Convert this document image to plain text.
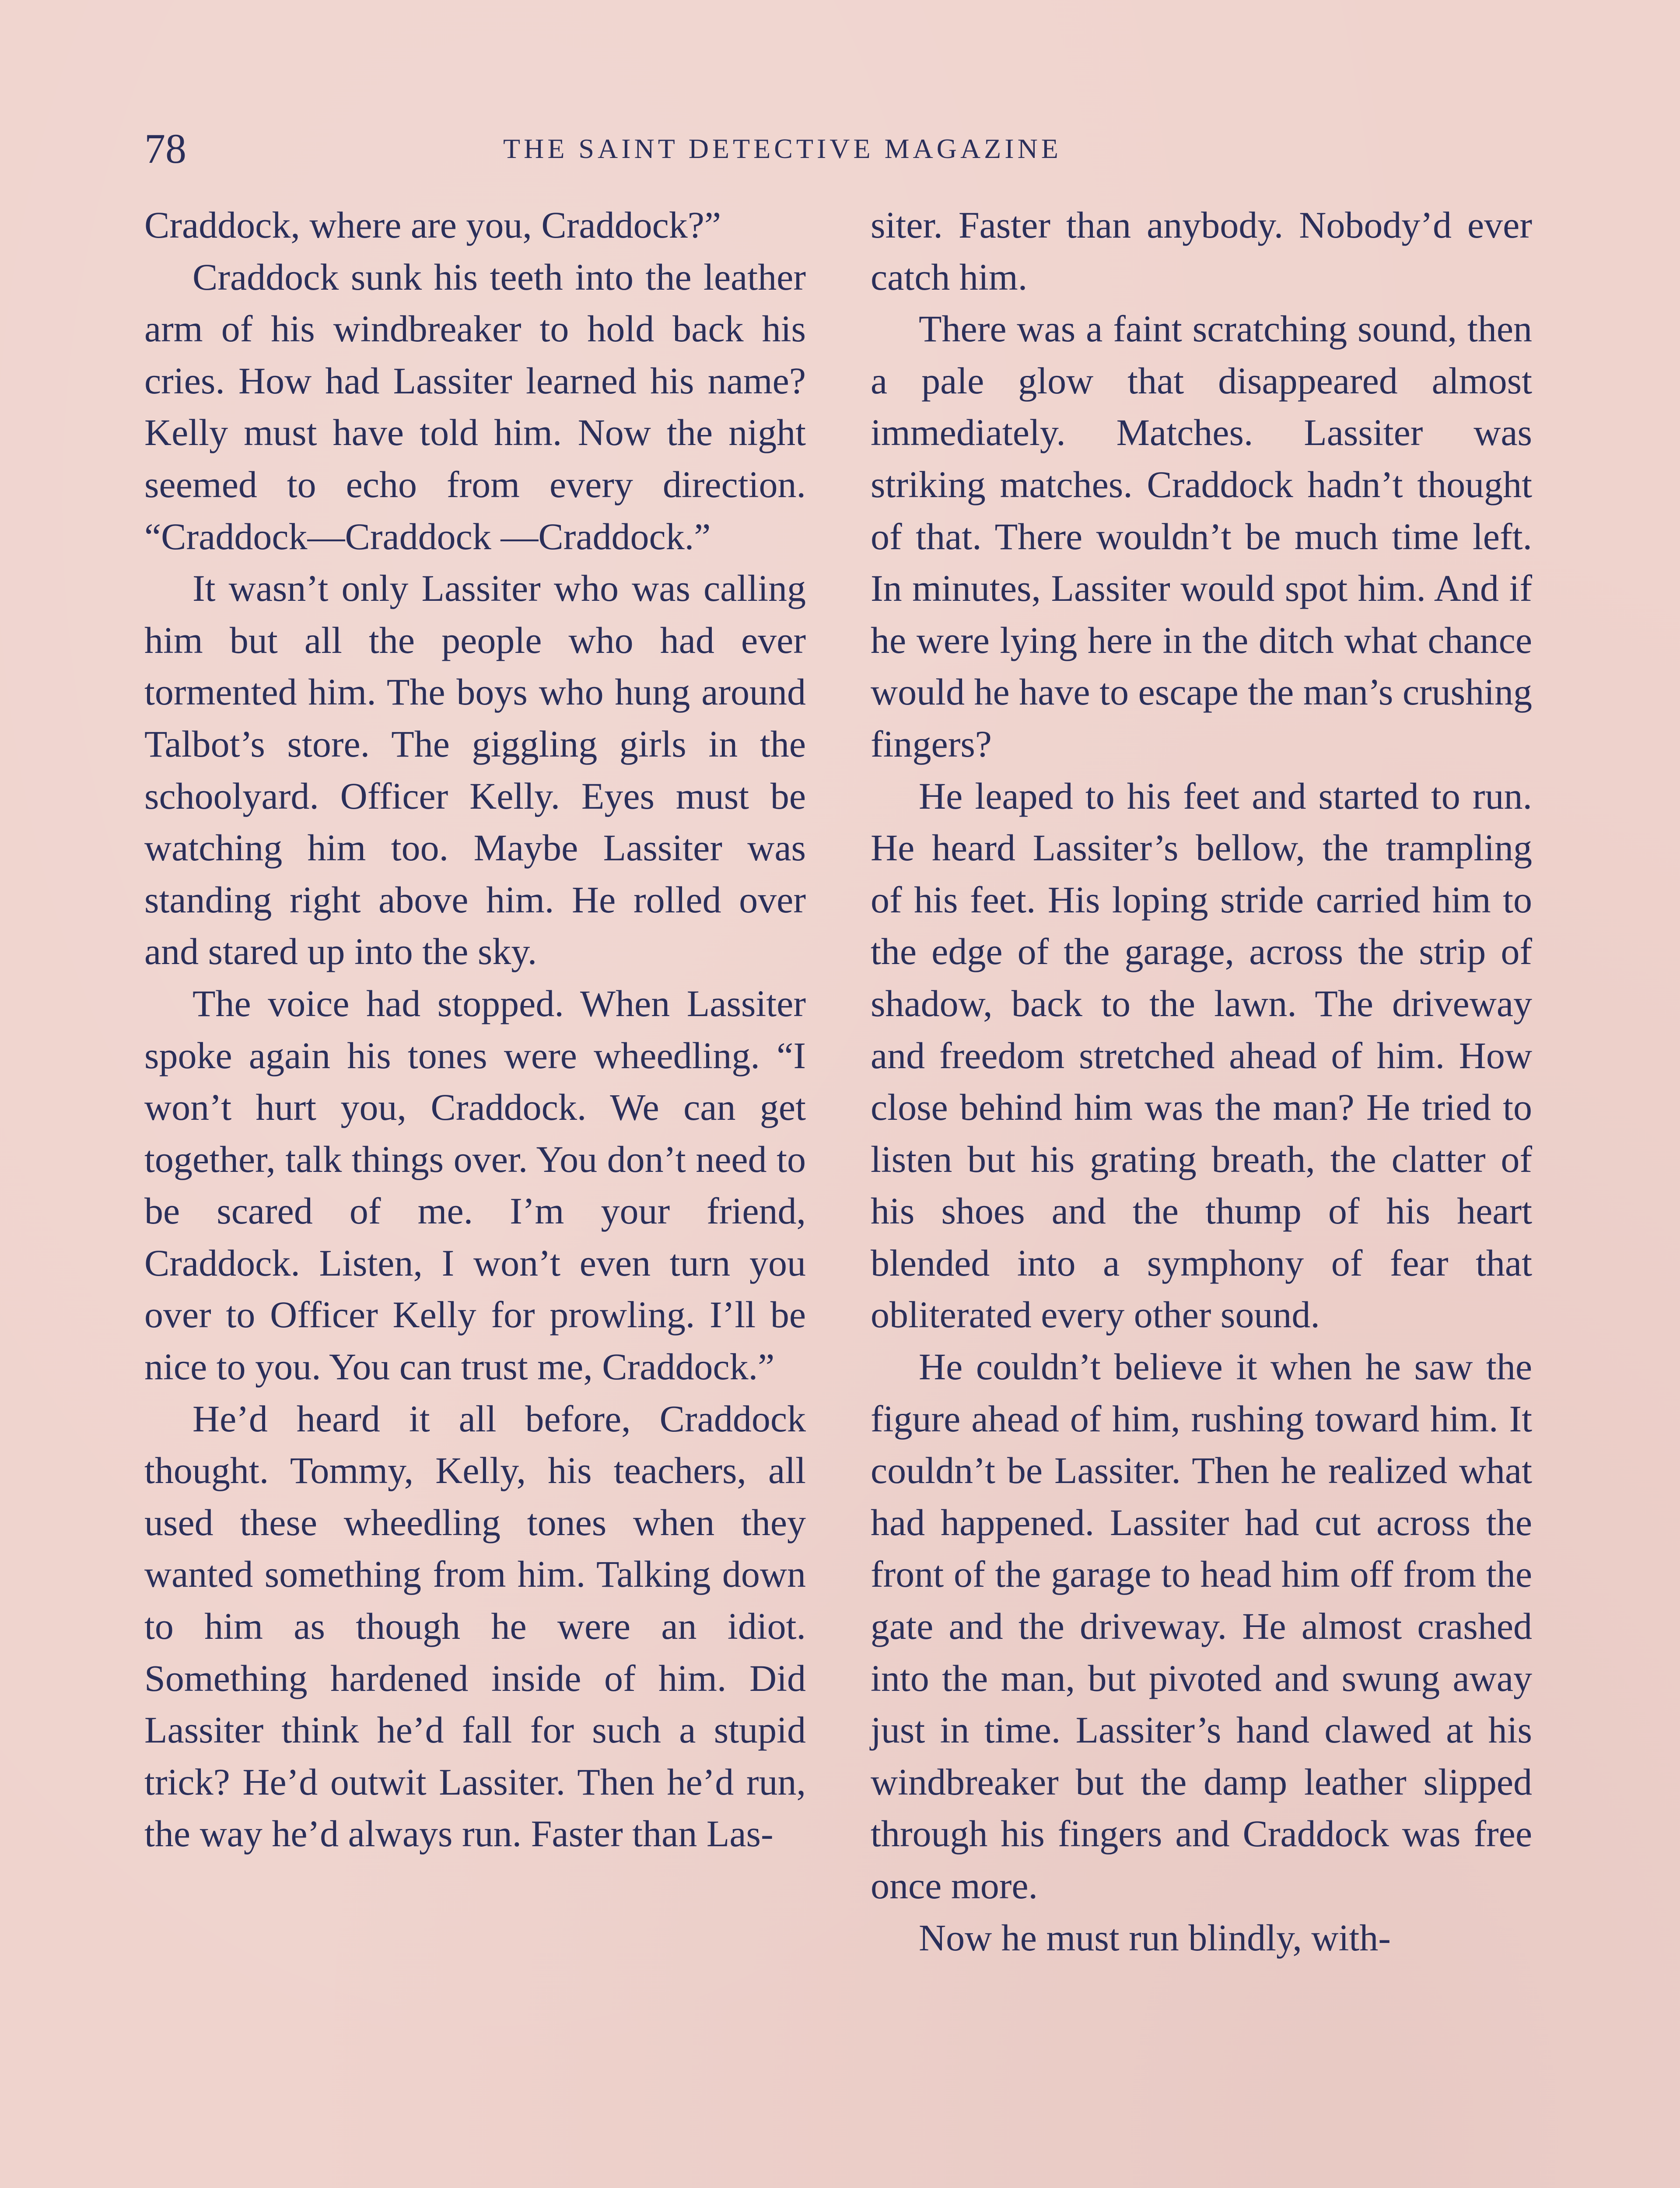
78	THE SAINT DETECTIVE MAGAZINE

Craddock, where are you, Craddock?”

Craddock sunk his teeth into the leather arm of his windbreaker to hold back his cries. How had Lassiter learned his name? Kelly must have told him. Now the night seemed to echo from every direction. “Craddock—Craddock —Craddock.”

It wasn’t only Lassiter who was calling him but all the people who had ever tormented him. The boys who hung around Talbot’s store. The giggling girls in the schoolyard. Officer Kelly. Eyes must be watching him too. Maybe Lassiter was standing right above him. He rolled over and stared up into the sky.

The voice had stopped. When Lassiter spoke again his tones were wheedling. “I won’t hurt you, Craddock. We can get together, talk things over. You don’t need to be scared of me. I’m your friend, Craddock. Listen, I won’t even turn you over to Officer Kelly for prowling. I’ll be nice to you. You can trust me, Craddock.”

He’d heard it all before, Craddock thought. Tommy, Kelly, his teachers, all used these wheedling tones when they wanted something from him. Talking down to him as though he were an idiot. Something hardened inside of him. Did Lassiter think he’d fall for such a stupid trick? He’d outwit Lassiter. Then he’d run, the way he’d always run. Faster than Las-

siter. Faster than anybody. Nobody’d ever catch him.

There was a faint scratching sound, then a pale glow that disappeared almost immediately. Matches. Lassiter was striking matches. Craddock hadn’t thought of that. There wouldn’t be much time left. In minutes, Lassiter would spot him. And if he were lying here in the ditch what chance would he have to escape the man’s crushing fingers?

He leaped to his feet and started to run. He heard Lassiter’s bellow, the trampling of his feet. His loping stride carried him to the edge of the garage, across the strip of shadow, back to the lawn. The driveway and freedom stretched ahead of him. How close behind him was the man? He tried to listen but his grating breath, the clatter of his shoes and the thump of his heart blended into a symphony of fear that obliterated every other sound.

He couldn’t believe it when he saw the figure ahead of him, rushing toward him. It couldn’t be Lassiter. Then he realized what had happened. Lassiter had cut across the front of the garage to head him off from the gate and the driveway. He almost crashed into the man, but pivoted and swung away just in time. Lassiter’s hand clawed at his windbreaker but the damp leather slipped through his fingers and Craddock was free once more.

Now he must run blindly, with-
